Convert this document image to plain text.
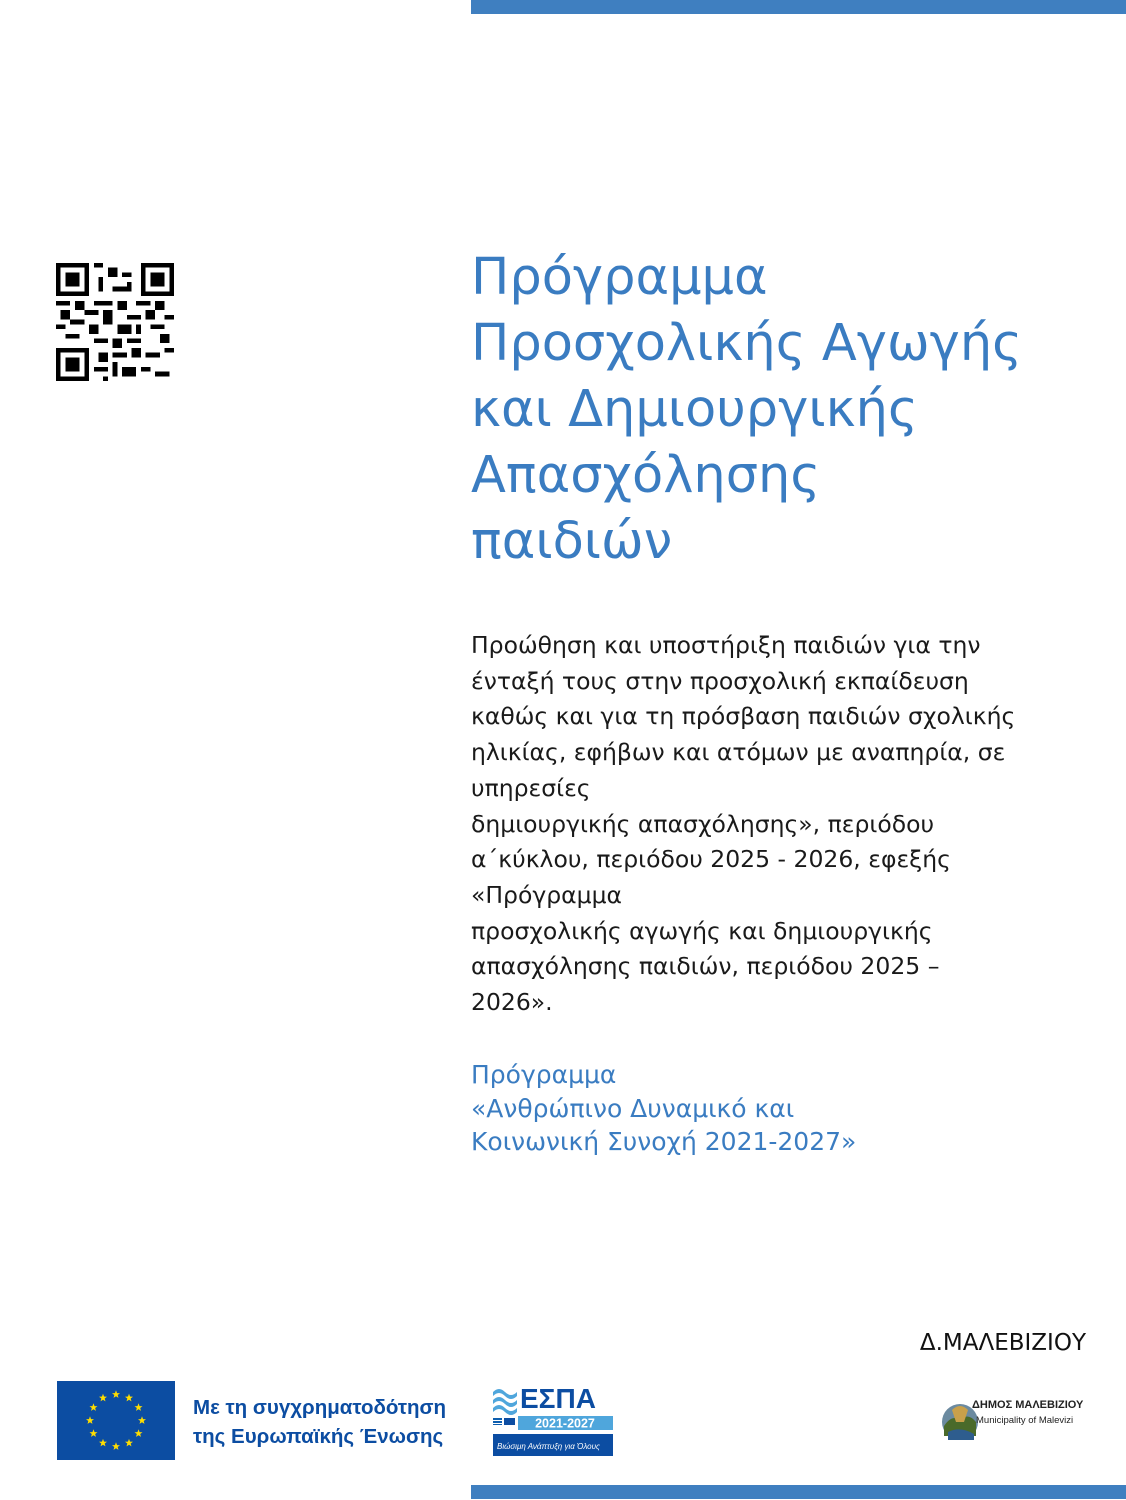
Πρόγραμμα
Προσχολικής Αγωγής
και Δημιουργικής
Απασχόλησης
παιδιών
Προώθηση και υποστήριξη παιδιών για την
ένταξή τους στην προσχολική εκπαίδευση
καθώς και για τη πρόσβαση παιδιών σχολικής
ηλικίας, εφήβων και ατόμων με αναπηρία, σε
υπηρεσίες
δημιουργικής απασχόλησης», περιόδου
α΄κύκλου, περιόδου 2025 - 2026, εφεξής
«Πρόγραμμα
προσχολικής αγωγής και δημιουργικής
απασχόλησης παιδιών, περιόδου 2025 –
2026».
Πρόγραμμα
«Ανθρώπινο Δυναμικό και
Κοινωνική Συνοχή 2021-2027»
Δ.ΜΑΛΕΒΙΖΙΟΥ
Με τη συγχρηματοδότηση
της Ευρωπαϊκής Ένωσης
ΕΣΠΑ
2021-2027
Βιώσιμη Ανάπτυξη για Όλους
ΔΗΜΟΣ ΜΑΛΕΒΙΖΙΟΥ
Municipality of Malevizi
